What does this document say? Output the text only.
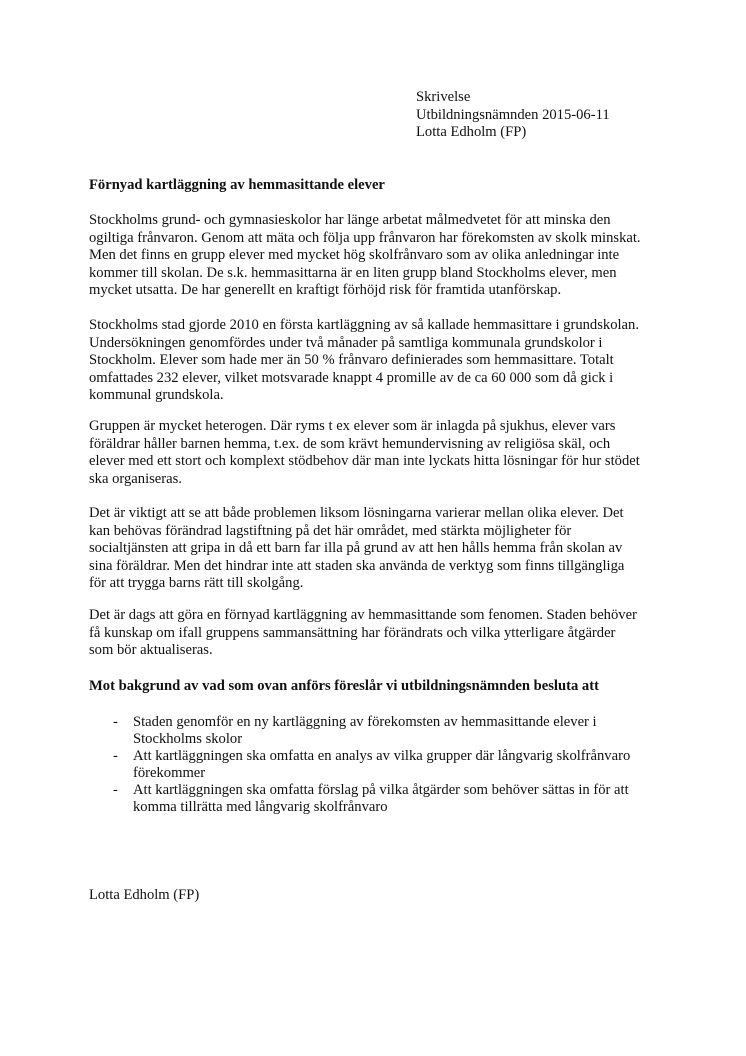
Skrivelse
Utbildningsnämnden 2015-06-11
Lotta Edholm (FP)
Förnyad kartläggning av hemmasittande elever
Stockholms grund- och gymnasieskolor har länge arbetat målmedvetet för att minska den
ogiltiga frånvaron. Genom att mäta och följa upp frånvaron har förekomsten av skolk minskat.
Men det finns en grupp elever med mycket hög skolfrånvaro som av olika anledningar inte
kommer till skolan. De s.k. hemmasittarna är en liten grupp bland Stockholms elever, men
mycket utsatta. De har generellt en kraftigt förhöjd risk för framtida utanförskap.
Stockholms stad gjorde 2010 en första kartläggning av så kallade hemmasittare i grundskolan.
Undersökningen genomfördes under två månader på samtliga kommunala grundskolor i
Stockholm. Elever som hade mer än 50 % frånvaro definierades som hemmasittare. Totalt
omfattades 232 elever, vilket motsvarade knappt 4 promille av de ca 60 000 som då gick i
kommunal grundskola.
Gruppen är mycket heterogen. Där ryms t ex elever som är inlagda på sjukhus, elever vars
föräldrar håller barnen hemma, t.ex. de som krävt hemundervisning av religiösa skäl, och
elever med ett stort och komplext stödbehov där man inte lyckats hitta lösningar för hur stödet
ska organiseras.
Det är viktigt att se att både problemen liksom lösningarna varierar mellan olika elever. Det
kan behövas förändrad lagstiftning på det här området, med stärkta möjligheter för
socialtjänsten att gripa in då ett barn far illa på grund av att hen hålls hemma från skolan av
sina föräldrar. Men det hindrar inte att staden ska använda de verktyg som finns tillgängliga
för att trygga barns rätt till skolgång.
Det är dags att göra en förnyad kartläggning av hemmasittande som fenomen. Staden behöver
få kunskap om ifall gruppens sammansättning har förändrats och vilka ytterligare åtgärder
som bör aktualiseras.
Mot bakgrund av vad som ovan anförs föreslår vi utbildningsnämnden besluta att
- Staden genomför en ny kartläggning av förekomsten av hemmasittande elever i
Stockholms skolor
- Att kartläggningen ska omfatta en analys av vilka grupper där långvarig skolfrånvaro
förekommer
- Att kartläggningen ska omfatta förslag på vilka åtgärder som behöver sättas in för att
komma tillrätta med långvarig skolfrånvaro
Lotta Edholm (FP)
